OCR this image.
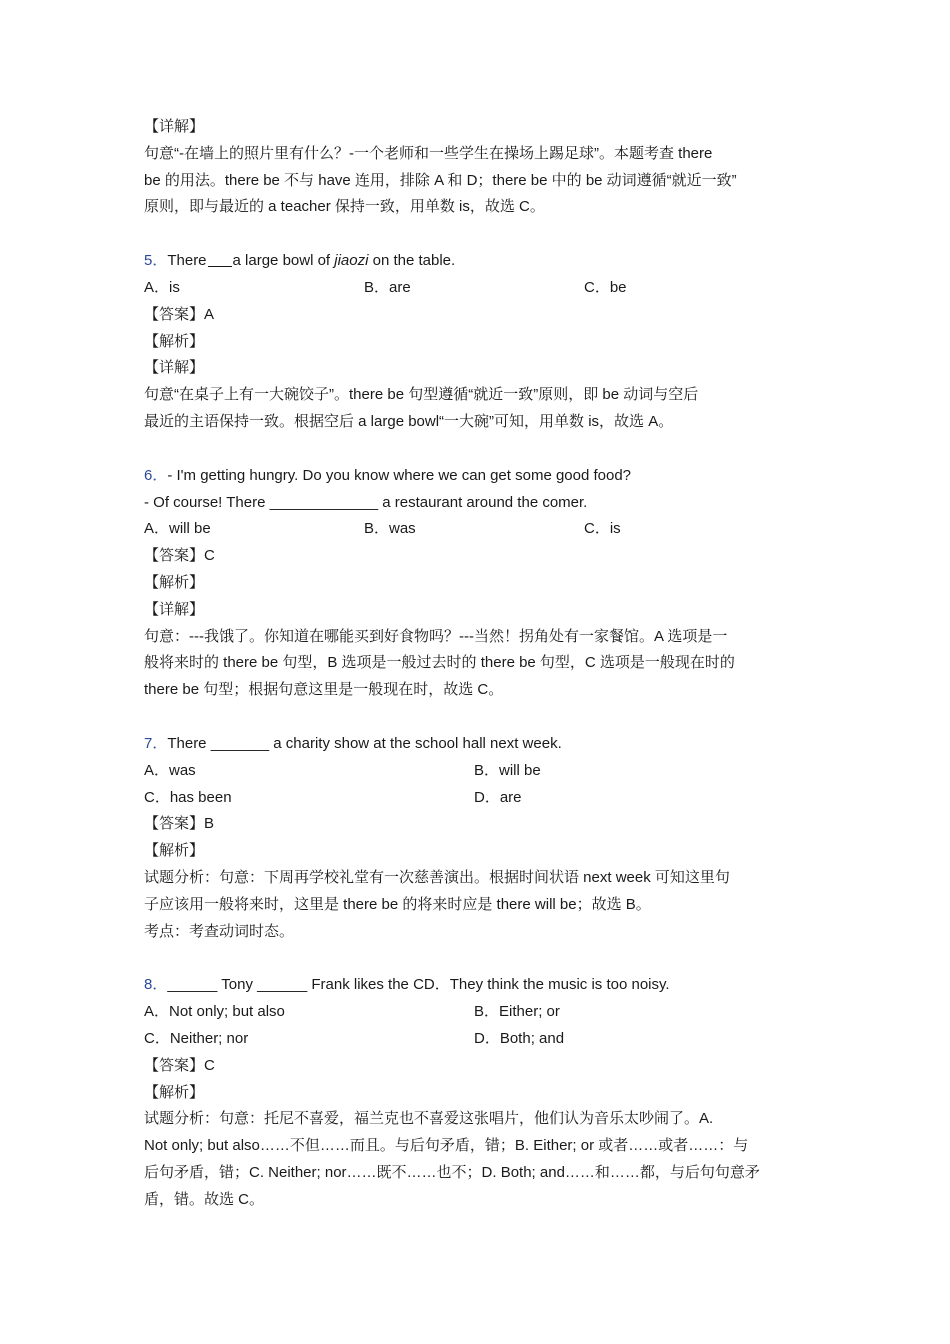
【详解】
句意“-在墙上的照片里有什么？-一个老师和一些学生在操场上踢足球”。本题考查 there
be 的用法。there be 不与 have 连用，排除 A 和 D；there be 中的 be 动词遵循“就近一致”
原则，即与最近的 a teacher 保持一致，用单数 is，故选 C。
5．There a large bowl of jiaozi on the table.
A．is	B．are	C．be
【答案】A
【解析】
【详解】
句意“在桌子上有一大碗饺子”。there be 句型遵循“就近一致”原则，即 be 动词与空后
最近的主语保持一致。根据空后 a large bowl“一大碗”可知，用单数 is，故选 A。
6．- I'm getting hungry. Do you know where we can get some good food?
- Of course! There _____________ a restaurant around the comer.
A．will be	B．was	C．is
【答案】C
【解析】
【详解】
句意：---我饿了。你知道在哪能买到好食物吗？---当然！拐角处有一家餐馆。A 选项是一
般将来时的 there be 句型，B 选项是一般过去时的 there be 句型，C 选项是一般现在时的
there be 句型；根据句意这里是一般现在时，故选 C。
7．There _______ a charity show at the school hall next week.
A．was	B．will be
C．has been	D．are
【答案】B
【解析】
试题分析：句意：下周再学校礼堂有一次慈善演出。根据时间状语 next week 可知这里句
子应该用一般将来时，这里是 there be 的将来时应是 there will be；故选 B。
考点：考查动词时态。
8．______ Tony ______ Frank likes the CD．They think the music is too noisy.
A．Not only; but also	B．Either; or
C．Neither; nor	D．Both; and
【答案】C
【解析】
试题分析：句意：托尼不喜爱，福兰克也不喜爱这张唱片，他们认为音乐太吵闹了。A.
Not only; but also……不但……而且。与后句矛盾，错；B. Either; or 或者……或者……：与
后句矛盾，错；C. Neither; nor……既不……也不；D. Both; and……和……都，与后句句意矛
盾，错。故选 C。
